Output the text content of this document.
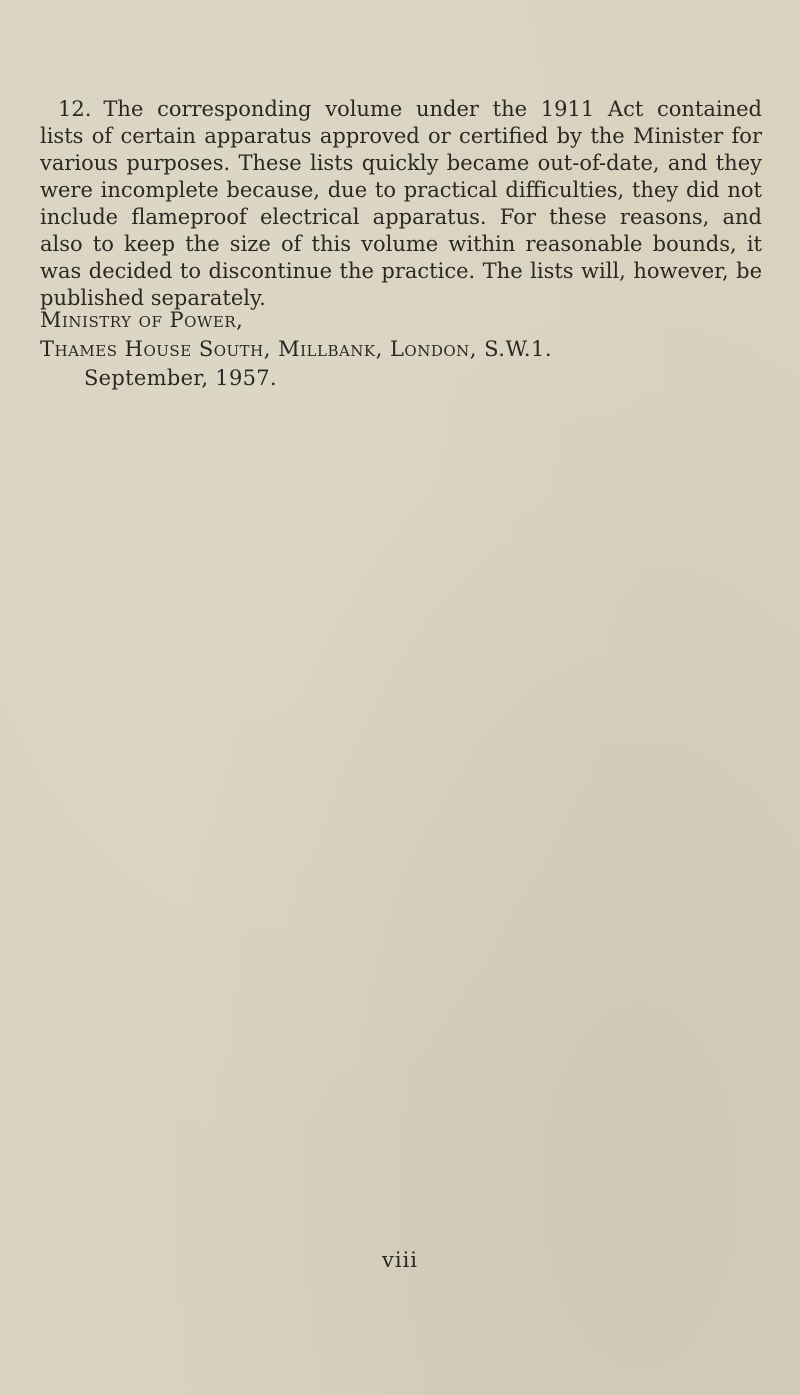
12. The corresponding volume under the 1911 Act contained lists of certain apparatus approved or certified by the Minister for various purposes. These lists quickly became out-of-date, and they were incomplete because, due to practical difficulties, they did not include flameproof electrical apparatus. For these reasons, and also to keep the size of this volume within reasonable bounds, it was decided to discontinue the practice. The lists will, however, be published separately.

Ministry of Power,
Thames House South, Millbank, London, S.W.1.
September, 1957.
viii
